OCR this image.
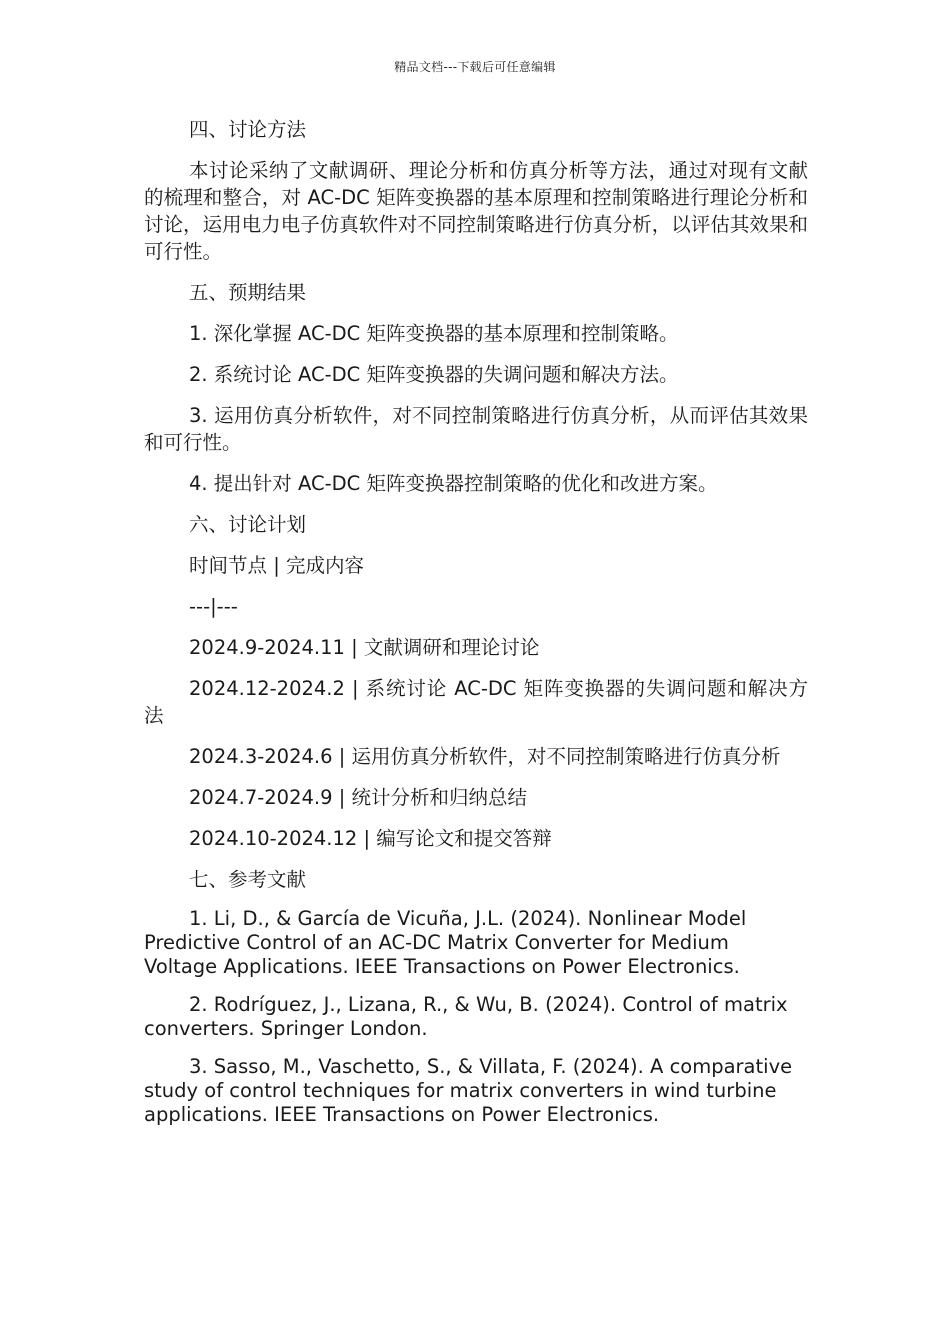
精品文档---下载后可任意编辑

四、讨论方法

本讨论采纳了文献调研、理论分析和仿真分析等方法，通过对现有文献的梳理和整合，对 AC-DC 矩阵变换器的基本原理和控制策略进行理论分析和讨论，运用电力电子仿真软件对不同控制策略进行仿真分析，以评估其效果和可行性。

五、预期结果

1. 深化掌握 AC-DC 矩阵变换器的基本原理和控制策略。

2. 系统讨论 AC-DC 矩阵变换器的失调问题和解决方法。

3. 运用仿真分析软件，对不同控制策略进行仿真分析，从而评估其效果和可行性。

4. 提出针对 AC-DC 矩阵变换器控制策略的优化和改进方案。

六、讨论计划

时间节点 | 完成内容

---|---

2024.9-2024.11 | 文献调研和理论讨论

2024.12-2024.2 | 系统讨论 AC-DC 矩阵变换器的失调问题和解决方法

2024.3-2024.6 | 运用仿真分析软件，对不同控制策略进行仿真分析

2024.7-2024.9 | 统计分析和归纳总结

2024.10-2024.12 | 编写论文和提交答辩

七、参考文献

1. Li, D., & García de Vicuña, J.L. (2024). Nonlinear Model Predictive Control of an AC-DC Matrix Converter for Medium Voltage Applications. IEEE Transactions on Power Electronics.

2. Rodríguez, J., Lizana, R., & Wu, B. (2024). Control of matrix converters. Springer London.

3. Sasso, M., Vaschetto, S., & Villata, F. (2024). A comparative study of control techniques for matrix converters in wind turbine applications. IEEE Transactions on Power Electronics.
